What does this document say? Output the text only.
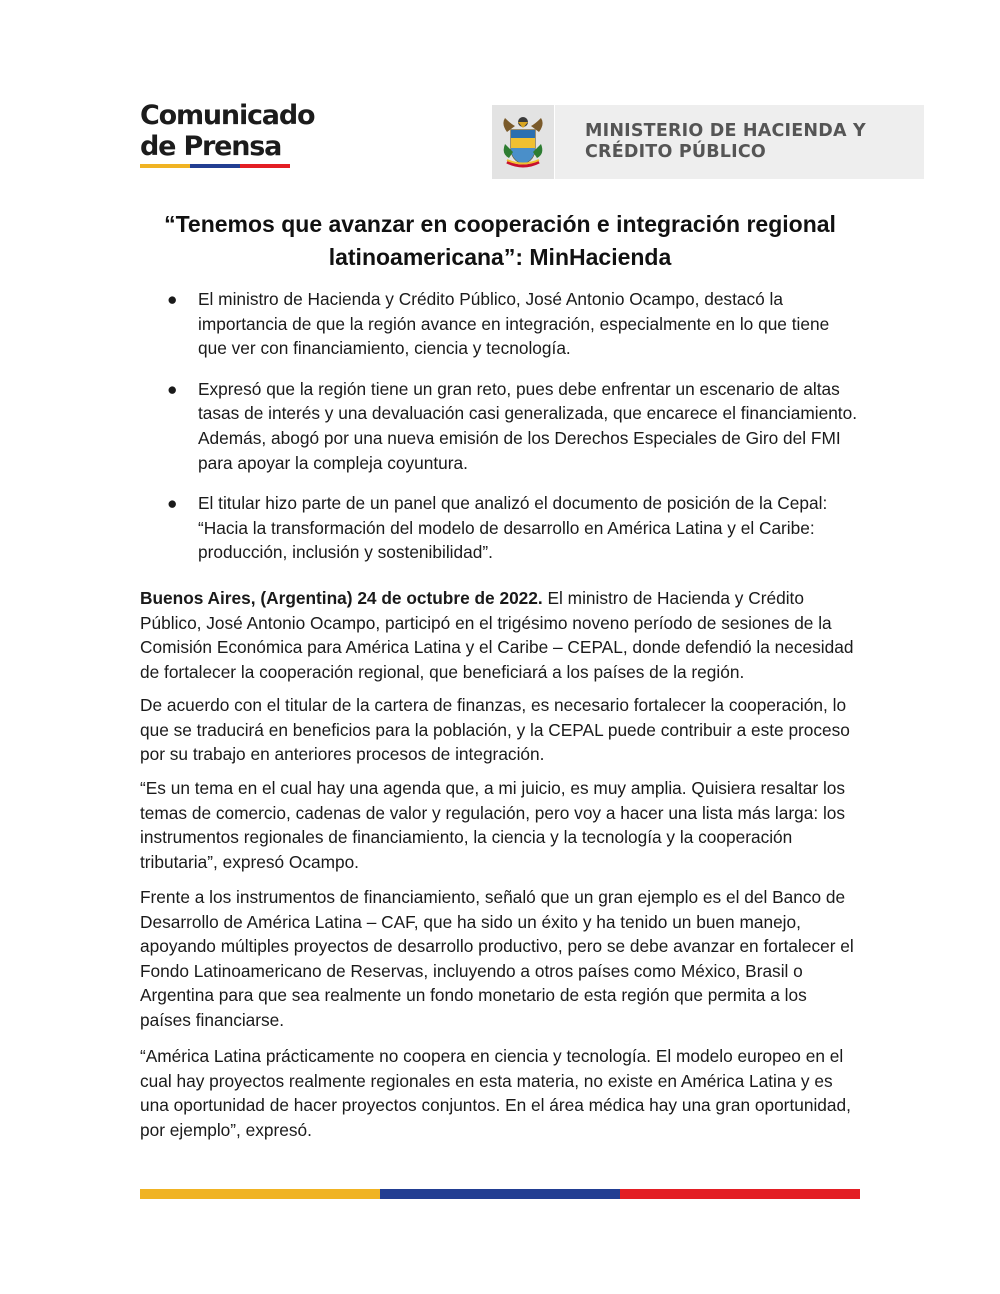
Comunicado
de Prensa	MINISTERIO DE HACIENDA Y
CRÉDITO PÚBLICO
“Tenemos que avanzar en cooperación e integración regional
latinoamericana”: MinHacienda
● El ministro de Hacienda y Crédito Público, José Antonio Ocampo, destacó la importancia de que la región avance en integración, especialmente en lo que tiene que ver con financiamiento, ciencia y tecnología.
● Expresó que la región tiene un gran reto, pues debe enfrentar un escenario de altas tasas de interés y una devaluación casi generalizada, que encarece el financiamiento. Además, abogó por una nueva emisión de los Derechos Especiales de Giro del FMI para apoyar la compleja coyuntura.
● El titular hizo parte de un panel que analizó el documento de posición de la Cepal: “Hacia la transformación del modelo de desarrollo en América Latina y el Caribe: producción, inclusión y sostenibilidad”.

Buenos Aires, (Argentina) 24 de octubre de 2022. El ministro de Hacienda y Crédito Público, José Antonio Ocampo, participó en el trigésimo noveno período de sesiones de la Comisión Económica para América Latina y el Caribe – CEPAL, donde defendió la necesidad de fortalecer la cooperación regional, que beneficiará a los países de la región.

De acuerdo con el titular de la cartera de finanzas, es necesario fortalecer la cooperación, lo que se traducirá en beneficios para la población, y la CEPAL puede contribuir a este proceso por su trabajo en anteriores procesos de integración.

“Es un tema en el cual hay una agenda que, a mi juicio, es muy amplia. Quisiera resaltar los temas de comercio, cadenas de valor y regulación, pero voy a hacer una lista más larga: los instrumentos regionales de financiamiento, la ciencia y la tecnología y la cooperación tributaria”, expresó Ocampo.

Frente a los instrumentos de financiamiento, señaló que un gran ejemplo es el del Banco de Desarrollo de América Latina – CAF, que ha sido un éxito y ha tenido un buen manejo, apoyando múltiples proyectos de desarrollo productivo, pero se debe avanzar en fortalecer el Fondo Latinoamericano de Reservas, incluyendo a otros países como México, Brasil o Argentina para que sea realmente un fondo monetario de esta región que permita a los países financiarse.

“América Latina prácticamente no coopera en ciencia y tecnología. El modelo europeo en el cual hay proyectos realmente regionales en esta materia, no existe en América Latina y es una oportunidad de hacer proyectos conjuntos. En el área médica hay una gran oportunidad, por ejemplo”, expresó.
